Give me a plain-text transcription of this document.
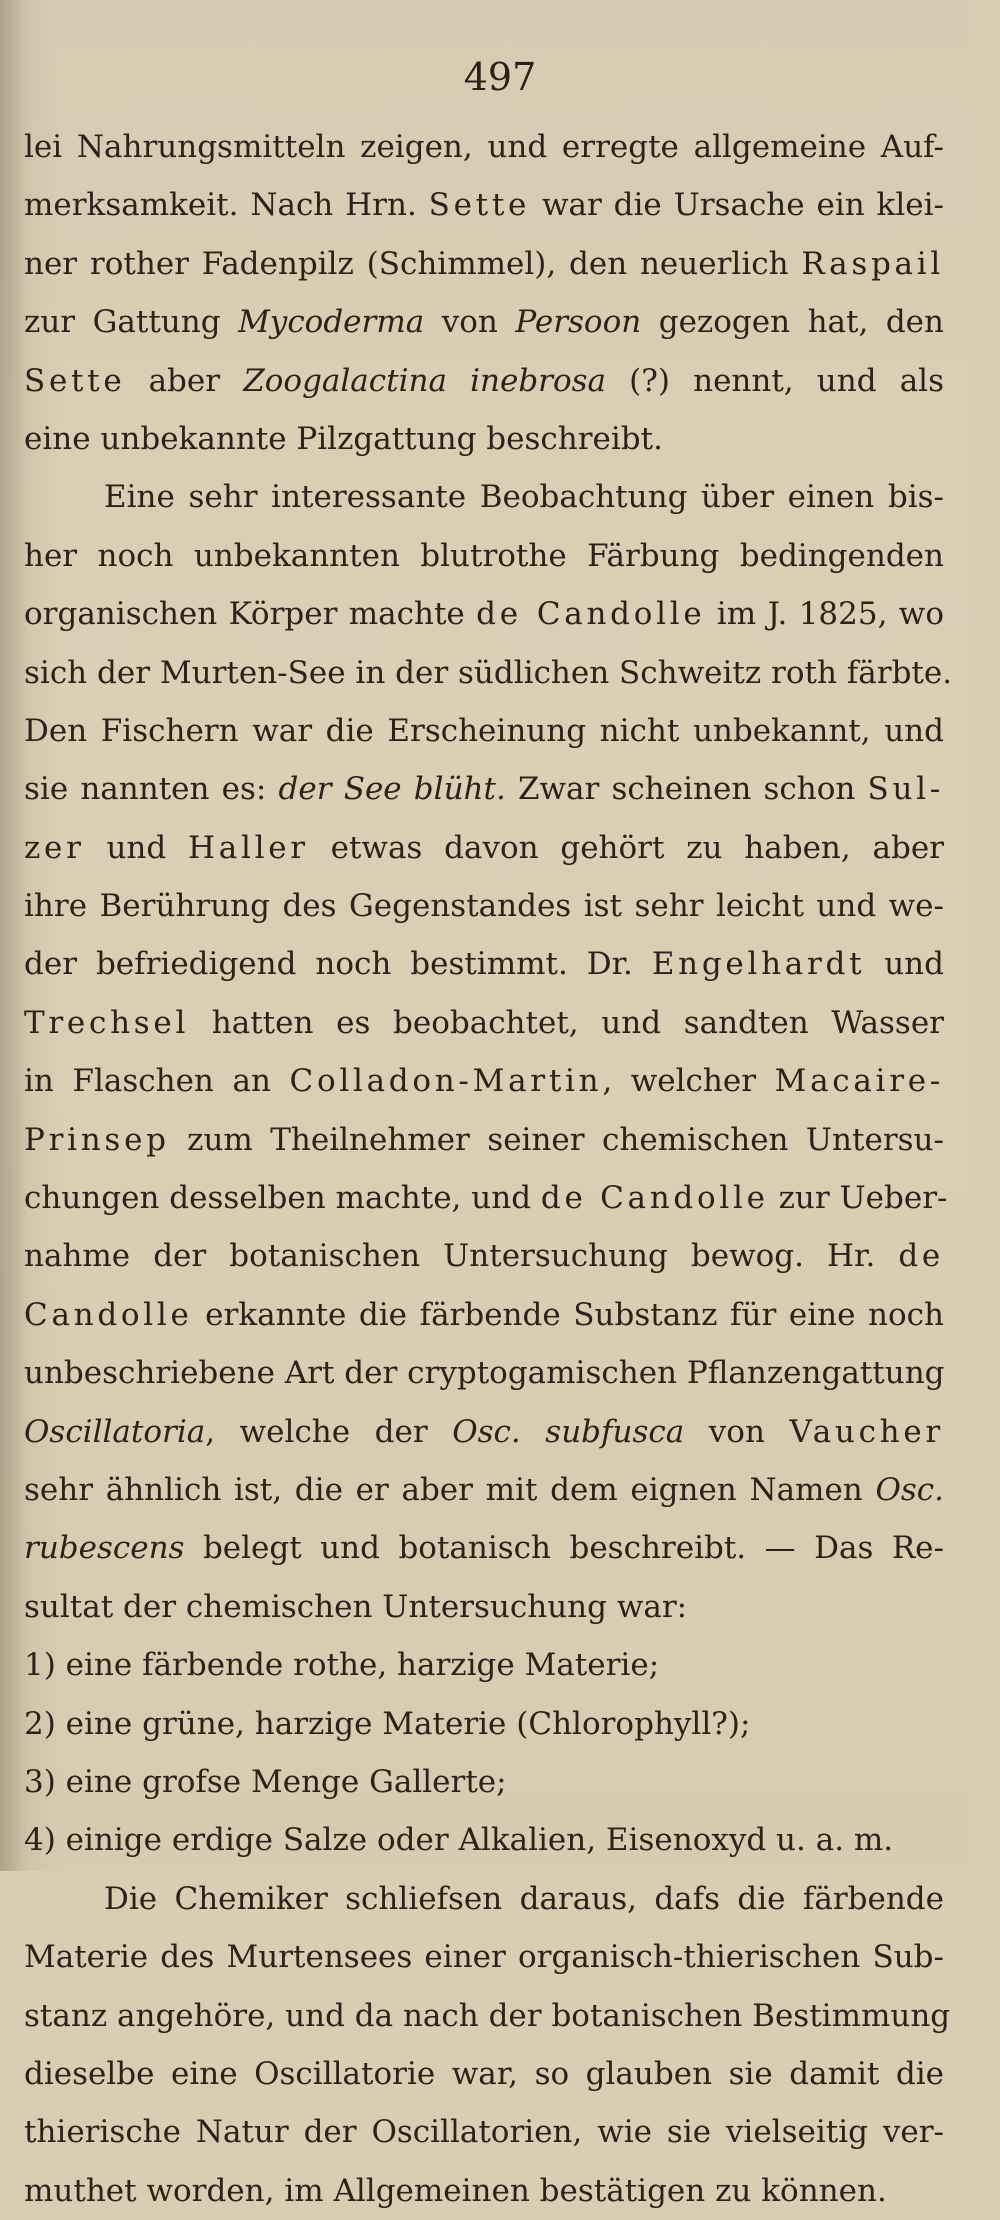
497
lei Nahrungsmitteln zeigen, und erregte allgemeine Auf-
merksamkeit. Nach Hrn. Sette war die Ursache ein klei-
ner rother Fadenpilz (Schimmel), den neuerlich Raspail
zur Gattung Mycoderma von Persoon gezogen hat, den
Sette aber Zoogalactina inebrosa (?) nennt, und als
eine unbekannte Pilzgattung beschreibt.
Eine sehr interessante Beobachtung über einen bis-
her noch unbekannten blutrothe Färbung bedingenden
organischen Körper machte de Candolle im J. 1825, wo
sich der Murten-See in der südlichen Schweitz roth färbte.
Den Fischern war die Erscheinung nicht unbekannt, und
sie nannten es: der See blüht. Zwar scheinen schon Sul-
zer und Haller etwas davon gehört zu haben, aber
ihre Berührung des Gegenstandes ist sehr leicht und we-
der befriedigend noch bestimmt. Dr. Engelhardt und
Trechsel hatten es beobachtet, und sandten Wasser
in Flaschen an Colladon-Martin, welcher Macaire-
Prinsep zum Theilnehmer seiner chemischen Untersu-
chungen desselben machte, und de Candolle zur Ueber-
nahme der botanischen Untersuchung bewog. Hr. de
Candolle erkannte die färbende Substanz für eine noch
unbeschriebene Art der cryptogamischen Pflanzengattung
Oscillatoria, welche der Osc. subfusca von Vaucher
sehr ähnlich ist, die er aber mit dem eignen Namen Osc.
rubescens belegt und botanisch beschreibt. — Das Re-
sultat der chemischen Untersuchung war:
1) eine färbende rothe, harzige Materie;
2) eine grüne, harzige Materie (Chlorophyll?);
3) eine grofse Menge Gallerte;
4) einige erdige Salze oder Alkalien, Eisenoxyd u. a. m.
Die Chemiker schliefsen daraus, dafs die färbende
Materie des Murtensees einer organisch-thierischen Sub-
stanz angehöre, und da nach der botanischen Bestimmung
dieselbe eine Oscillatorie war, so glauben sie damit die
thierische Natur der Oscillatorien, wie sie vielseitig ver-
muthet worden, im Allgemeinen bestätigen zu können.
